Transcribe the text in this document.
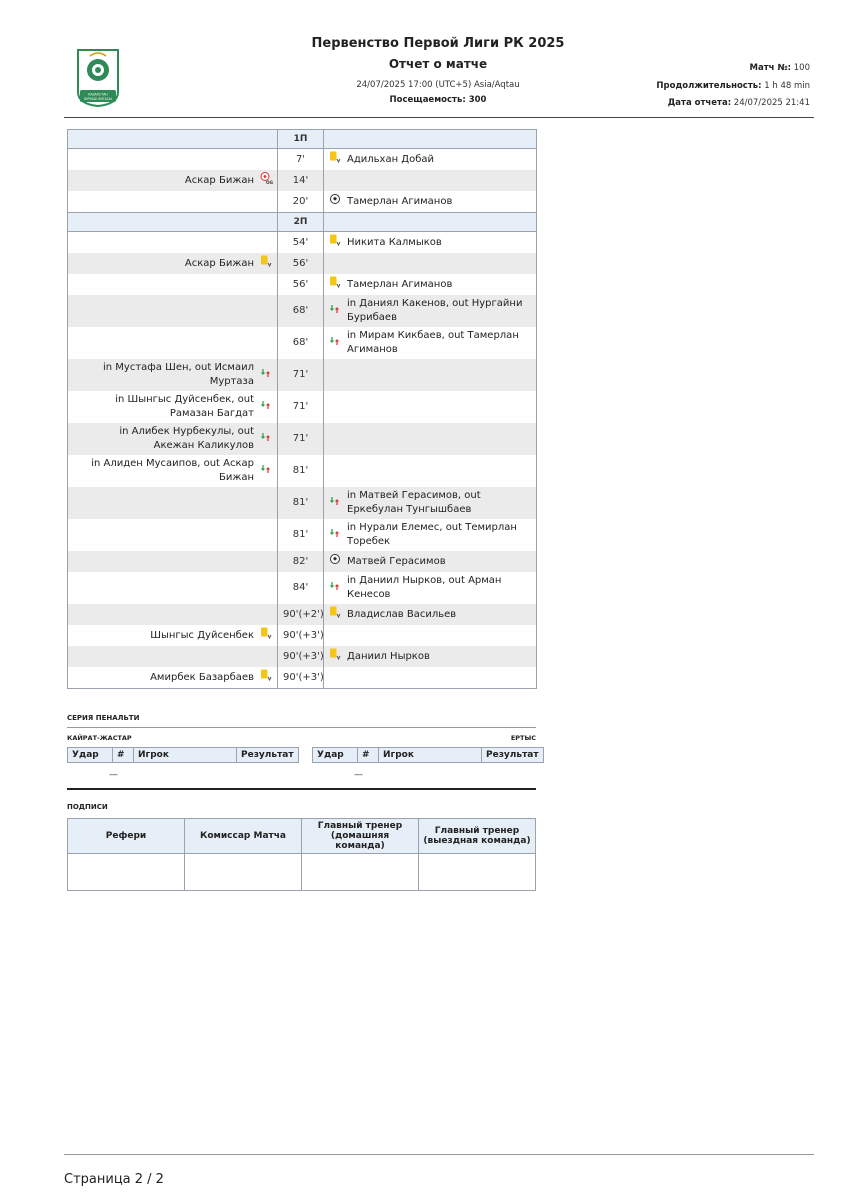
КАЗАХСТАН
БІРІНШІ ЛИГАСЫ
Первенство Первой Лиги РК 2025
Отчет о матче
24/07/2025 17:00 (UTC+5) Asia/Aqtau
Посещаемость: 300
Матч №: 100
Продолжительность: 1 h 48 min
Дата отчета: 24/07/2025 21:41
	1П	
	7'	Адильхан Добай
Аскар Бижан OG	14'	
	20'	Тамерлан Агиманов
	2П	
	54'	Никита Калмыков
Аскар Бижан	56'	
	56'	Тамерлан Агиманов
	68'	in Даниял Какенов, out Нургайни Бурибаев
	68'	in Мирам Кикбаев, out Тамерлан Агиманов
in Мустафа Шен, out Исмаил Муртаза	71'	
in Шынгыс Дуйсенбек, out Рамазан Багдат	71'	
in Алибек Нурбекулы, out Акежан Каликулов	71'	
in Алиден Мусаипов, out Аскар Бижан	81'	
	81'	in Матвей Герасимов, out Еркебулан Тунгышбаев
	81'	in Нурали Елемес, out Темирлан Торебек
	82'	Матвей Герасимов
	84'	in Даниил Нырков, out Арман Кенесов
	90'(+2')	Владислав Васильев
Шынгыс Дуйсенбек	90'(+3')	
	90'(+3')	Даниил Нырков
Амирбек Базарбаев	90'(+3')	
СЕРИЯ ПЕНАЛЬТИ
КАЙРАТ-ЖАСТАР	ЕРТЫС
Удар	#	Игрок	Результат	Удар	#	Игрок	Результат
—	—
ПОДПИСИ
Рефери	Комиссар Матча	Главный тренер (домашняя команда)	Главный тренер (выездная команда)

Страница 2 / 2
